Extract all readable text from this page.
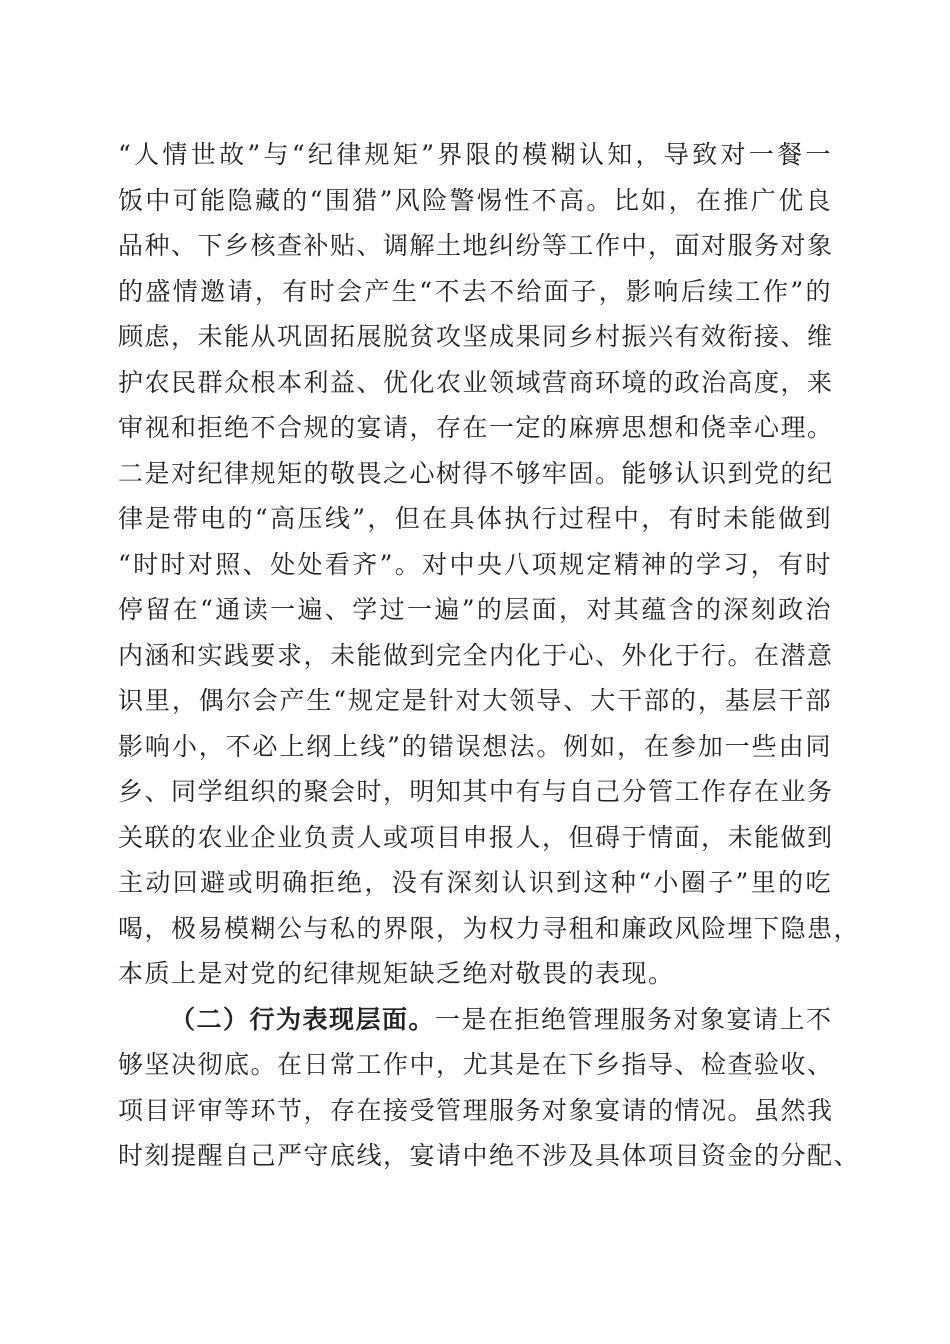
“人情世故”与“纪律规矩”界限的模糊认知，导致对一餐一
饭中可能隐藏的“围猎”风险警惕性不高。比如，在推广优良
品种、下乡核查补贴、调解土地纠纷等工作中，面对服务对象
的盛情邀请，有时会产生“不去不给面子，影响后续工作”的
顾虑，未能从巩固拓展脱贫攻坚成果同乡村振兴有效衔接、维
护农民群众根本利益、优化农业领域营商环境的政治高度，来
审视和拒绝不合规的宴请，存在一定的麻痹思想和侥幸心理。
二是对纪律规矩的敬畏之心树得不够牢固。能够认识到党的纪
律是带电的“高压线”，但在具体执行过程中，有时未能做到
“时时对照、处处看齐”。对中央八项规定精神的学习，有时
停留在“通读一遍、学过一遍”的层面，对其蕴含的深刻政治
内涵和实践要求，未能做到完全内化于心、外化于行。在潜意
识里，偶尔会产生“规定是针对大领导、大干部的，基层干部
影响小，不必上纲上线”的错误想法。例如，在参加一些由同
乡、同学组织的聚会时，明知其中有与自己分管工作存在业务
关联的农业企业负责人或项目申报人，但碍于情面，未能做到
主动回避或明确拒绝，没有深刻认识到这种“小圈子”里的吃
喝，极易模糊公与私的界限，为权力寻租和廉政风险埋下隐患，
本质上是对党的纪律规矩缺乏绝对敬畏的表现。
（二）行为表现层面。一是在拒绝管理服务对象宴请上不
够坚决彻底。在日常工作中，尤其是在下乡指导、检查验收、
项目评审等环节，存在接受管理服务对象宴请的情况。虽然我
时刻提醒自己严守底线，宴请中绝不涉及具体项目资金的分配、
